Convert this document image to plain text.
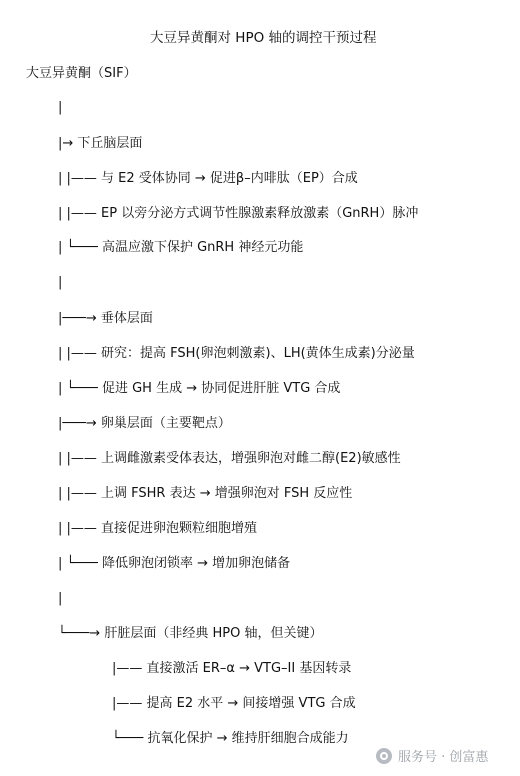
大豆异黄酮对 HPO 轴的调控干预过程
大豆异黄酮（SIF）
|
|→ 下丘脑层面
| |—— 与 E2 受体协同 → 促进β–内啡肽（EP）合成
| |—— EP 以旁分泌方式调节性腺激素释放激素（GnRH）脉冲
| └─── 高温应激下保护 GnRH 神经元功能
|
|───→ 垂体层面
| |—— 研究：提高 FSH(卵泡刺激素)、LH(黄体生成素)分泌量
| └─── 促进 GH 生成 → 协同促进肝脏 VTG 合成
|───→ 卵巢层面（主要靶点）
| |—— 上调雌激素受体表达，增强卵泡对雌二醇(E2)敏感性
| |—— 上调 FSHR 表达 → 增强卵泡对 FSH 反应性
| |—— 直接促进卵泡颗粒细胞增殖
| └─── 降低卵泡闭锁率 → 增加卵泡储备
|
└───→ 肝脏层面（非经典 HPO 轴，但关键）
|—— 直接激活 ER–α → VTG–II 基因转录
|—— 提高 E2 水平 → 间接增强 VTG 合成
└─── 抗氧化保护 → 维持肝细胞合成能力
服务号 · 创富惠
